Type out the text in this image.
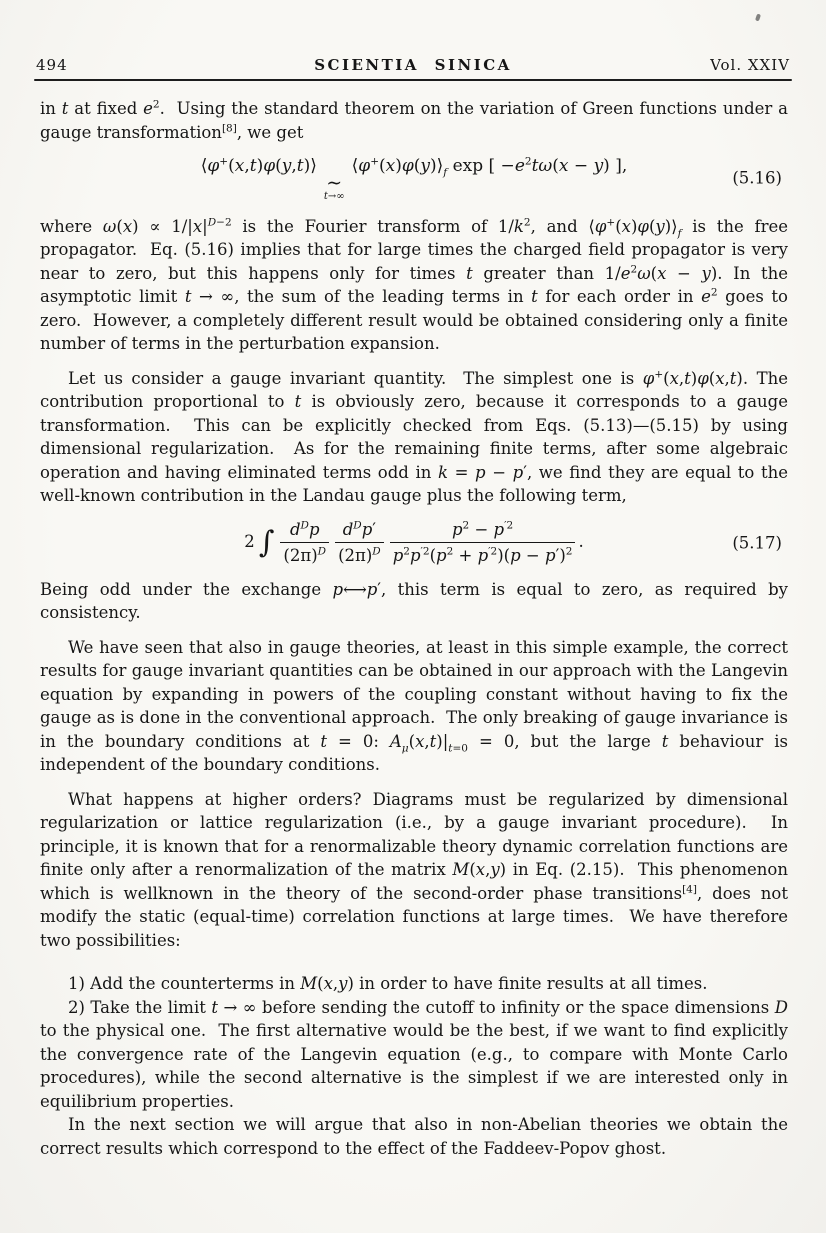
494	SCIENTIA SINICA	Vol. XXIV

in t at fixed $e^2$.  Using the standard theorem on the variation of Green functions under a gauge transformation[8], we get

⟨φ+(x,t)φ(y,t)⟩
∼
t→∞
$⟨\varphi^+(x)\varphi(y)⟩_f$ exp [ $-e^2t\omega(x - y)$ ],
(5.16)

where $\omega(x) \propto 1/|x|^{D-2}$ is the Fourier transform of $1/k^2$, and $⟨\varphi^+(x)\varphi(y)⟩_f$ is the free propagator.  Eq. (5.16) implies that for large times the charged field propagator is very near to zero, but this happens only for times t greater than $1/e^2\omega(x - y)$. In the asymptotic limit t → ∞, the sum of the leading terms in t for each order in $e^2$ goes to zero.  However, a completely different result would be obtained considering only a finite number of terms in the perturbation expansion.

Let us consider a gauge invariant quantity.  The simplest one is φ+(x,t)φ(x,t). The contribution proportional to t is obviously zero, because it corresponds to a gauge transformation.  This can be explicitly checked from Eqs. (5.13)—(5.15) by using dimensional regularization.  As for the remaining finite terms, after some algebraic operation and having eliminated terms odd in k = p − p′, we find they are equal to the well-known contribution in the Landau gauge plus the following term,

2 ∫ $\frac{d^Dp}{(2\pi)^D} \frac{d^Dp'}{(2\pi)^D} \frac{p^2 - p^{'2}}{p^2p^{'2}(p^2 + p^{'2})(p - p')^2}$ .	(5.17)

Being odd under the exchange p⟷p′, this term is equal to zero, as required by consistency.

We have seen that also in gauge theories, at least in this simple example, the correct results for gauge invariant quantities can be obtained in our approach with the Langevin equation by expanding in powers of the coupling constant without having to fix the gauge as is done in the conventional approach.  The only breaking of gauge invariance is in the boundary conditions at t = 0: $A_\mu(x,t)|_{t=0} = 0$, but the large t behaviour is independent of the boundary conditions.

What happens at higher orders? Diagrams must be regularized by dimensional regularization or lattice regularization (i.e., by a gauge invariant procedure).  In principle, it is known that for a renormalizable theory dynamic correlation functions are finite only after a renormalization of the matrix M(x,y) in Eq. (2.15).  This phenomenon which is wellknown in the theory of the second-order phase transitions[4], does not modify the static (equal-time) correlation functions at large times.  We have therefore two possibilities:

1) Add the counterterms in M(x,y) in order to have finite results at all times.

2) Take the limit t → ∞ before sending the cutoff to infinity or the space dimensions D to the physical one.  The first alternative would be the best, if we want to find explicitly the convergence rate of the Langevin equation (e.g., to compare with Monte Carlo procedures), while the second alternative is the simplest if we are interested only in equilibrium properties.

In the next section we will argue that also in non-Abelian theories we obtain the correct results which correspond to the effect of the Faddeev-Popov ghost.
